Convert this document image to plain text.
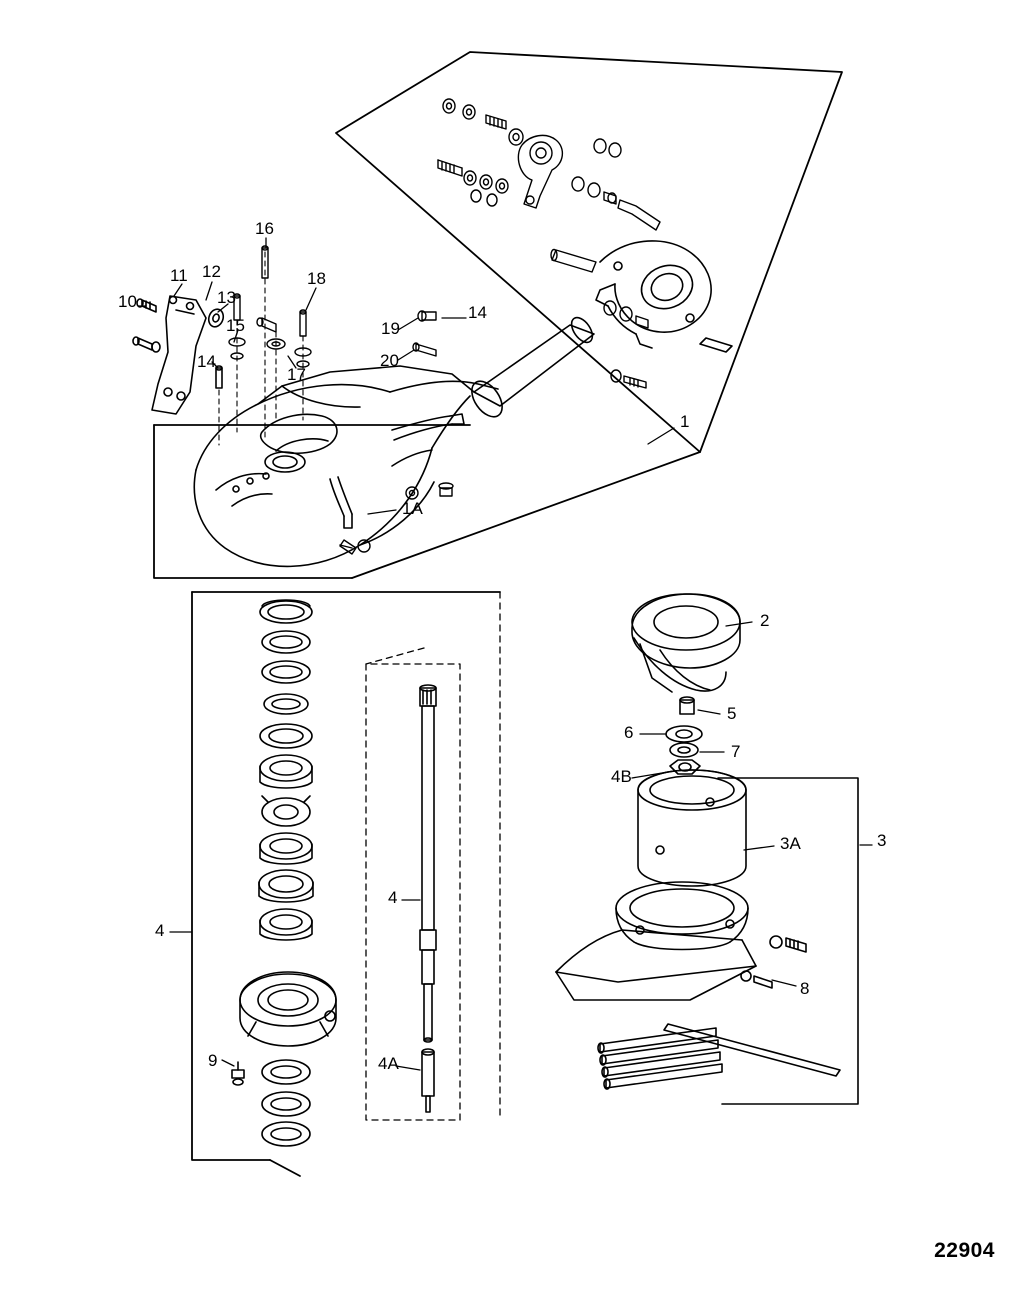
1
1A
2
3
3A
4
4
4A
4B
5
6
7
8
9
10
11 12
13
14
14
15
16
17
18
19
20
22904
